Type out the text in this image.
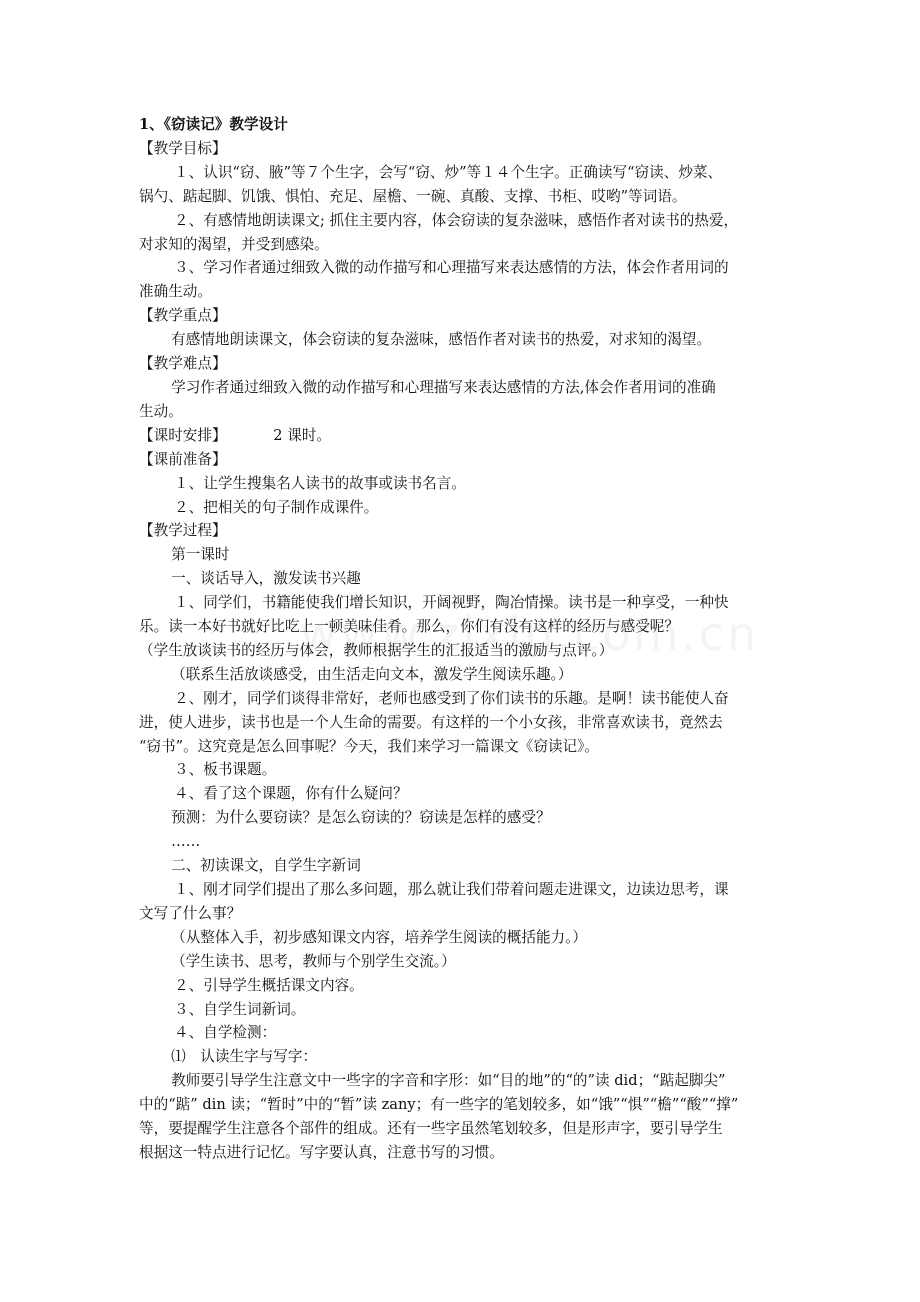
1、《窃读记》教学设计

【教学目标】

１、认识“窃、腋”等７个生字，会写“窃、炒”等１４个生字。正确读写“窃读、炒菜、

锅勺、踮起脚、饥饿、惧怕、充足、屋檐、一碗、真酸、支撑、书柜、哎哟”等词语。

２、有感情地朗读课文; 抓住主要内容，体会窃读的复杂滋味，感悟作者对读书的热爱，

对求知的渴望，并受到感染。

３、学习作者通过细致入微的动作描写和心理描写来表达感情的方法，体会作者用词的

准确生动。

【教学重点】

有感情地朗读课文，体会窃读的复杂滋味，感悟作者对读书的热爱，对求知的渴望。

【教学难点】

学习作者通过细致入微的动作描写和心理描写来表达感情的方法,体会作者用词的准确

生动。

【课时安排】	2 课时。

【课前准备】

１、让学生搜集名人读书的故事或读书名言。

２、把相关的句子制作成课件。

【教学过程】

第一课时

一、谈话导入，激发读书兴趣

１、同学们，书籍能使我们增长知识，开阔视野，陶冶情操。读书是一种享受，一种快

乐。读一本好书就好比吃上一顿美味佳肴。那么，你们有没有这样的经历与感受呢？

（学生放谈读书的经历与体会，教师根据学生的汇报适当的激励与点评。）

（联系生活放谈感受，由生活走向文本，激发学生阅读乐趣。）

２、刚才，同学们谈得非常好，老师也感受到了你们读书的乐趣。是啊！读书能使人奋

进，使人进步，读书也是一个人生命的需要。有这样的一个小女孩，非常喜欢读书，竟然去

“窃书”。这究竟是怎么回事呢？今天，我们来学习一篇课文《窃读记》。

３、板书课题。

４、看了这个课题，你有什么疑问？

预测：为什么要窃读？是怎么窃读的？窃读是怎样的感受？

……

二、初读课文，自学生字新词

１、刚才同学们提出了那么多问题，那么就让我们带着问题走进课文，边读边思考，课

文写了什么事？

（从整体入手，初步感知课文内容，培养学生阅读的概括能力。）

（学生读书、思考，教师与个别学生交流。）

２、引导学生概括课文内容。

３、自学生词新词。

４、自学检测：

⑴　认读生字与写字：

教师要引导学生注意文中一些字的字音和字形：如“目的地”的“的”读 did；“踮起脚尖”

中的“踮” din 读；“暂时”中的“暂”读 zany；有一些字的笔划较多，如“饿”“惧”“檐”“酸”“撑”

等，要提醒学生注意各个部件的组成。还有一些字虽然笔划较多，但是形声字，要引导学生

根据这一特点进行记忆。写字要认真，注意书写的习惯。
